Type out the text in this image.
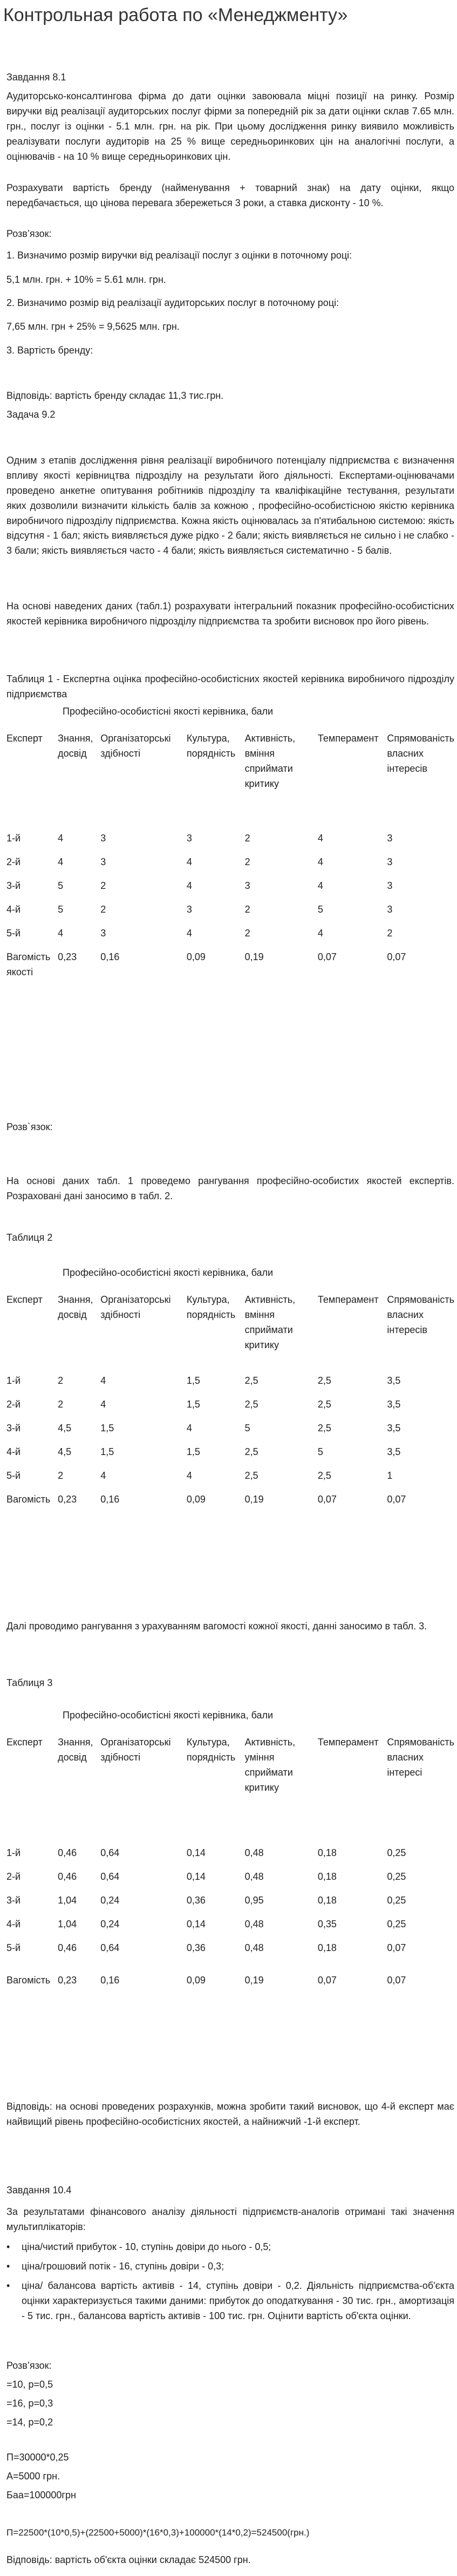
Контрольная работа по «Менеджменту»

Завдання 8.1

Аудиторсько-консалтингова фірма до дати оцінки завоювала міцні позиції на ринку. Розмір виручки від реалізації аудиторських послуг фірми за попередній рік за дати оцінки склав 7.65 млн. грн., послуг із оцінки - 5.1 млн. грн. на рік. При цьому дослідження ринку виявило можливість реалізувати послуги аудиторів на 25 % вище середньоринкових цін на аналогічні послуги, а оцінювачів - на 10 % вище середньоринкових цін.

Розрахувати вартість бренду (найменування + товарний знак) на дату оцінки, якщо передбачається, що цінова перевага збережеться 3 роки, а ставка дисконту - 10 %.

Розв’язок:

1. Визначимо розмір виручки від реалізації послуг з оцінки в поточному році:

5,1 млн. грн. + 10% = 5.61 млн. грн.

2. Визначимо розмір від реалізації аудиторських послуг в поточному році:

7,65 млн. грн + 25% = 9,5625 млн. грн.

3. Вартість бренду:

Відповідь: вартість бренду складає 11,3 тис.грн.

Задача 9.2

Одним з етапів дослідження рівня реалізації виробничого потенціалу підприємства є визначення впливу якості керівництва підрозділу на результати його діяльності. Експертами-оцінювачами проведено анкетне опитування робітників підрозділу та кваліфікаційне тестування, результати яких дозволили визначити кількість балів за кожною , професійно-особистісною якістю керівника виробничого підрозділу підприємства. Кожна якість оцінювалась за п'ятибальною системою: якість відсутня - 1 бал; якість виявляється дуже рідко - 2 бали; якість виявляється не сильно і не слабко - 3 бали; якість виявляється часто - 4 бали; якість виявляється систематично - 5 балів.

На основі наведених даних (табл.1) розрахувати інтегральний показник професійно-особистісних якостей керівника виробничого підрозділу підприємства та зробити висновок про його рівень.

Таблиця 1 - Експертна оцінка професійно-особистісних якостей керівника виробничого підрозділу підприємства

Професійно-особистісні якості керівника, бали
Експерт	Знання, досвід	Організаторські здібності	Культура, порядність	Активність, вміння сприймати критику	Темперамент	Спрямованість власних інтересів
1-й	4	3	3	2	4	3
2-й	4	3	4	2	4	3
3-й	5	2	4	3	4	3
4-й	5	2	3	2	5	3
5-й	4	3	4	2	4	2
Вагомість якості	0,23	0,16	0,09	0,19	0,07	0,07

Розв`язок:

На основі даних табл. 1 проведемо рангування професійно-особистих якостей експертів. Розраховані дані заносимо в табл. 2.

Таблиця 2

Професійно-особистісні якості керівника, бали
Експерт	Знання, досвід	Організаторські здібності	Культура, порядність	Активність, вміння сприймати критику	Темперамент	Спрямованість власних інтересів
1-й	2	4	1,5	2,5	2,5	3,5
2-й	2	4	1,5	2,5	2,5	3,5
3-й	4,5	1,5	4	5	2,5	3,5
4-й	4,5	1,5	1,5	2,5	5	3,5
5-й	2	4	4	2,5	2,5	1
Вагомість	0,23	0,16	0,09	0,19	0,07	0,07

Далі проводимо рангування з урахуванням вагомості кожної якості, данні заносимо в табл. 3.

Таблиця 3

Професійно-особистісні якості керівника, бали
Експерт	Знання, досвід	Організаторські здібності	Культура, порядність	Активність, уміння сприймати критику	Темперамент	Спрямованість власних інтересі
1-й	0,46	0,64	0,14	0,48	0,18	0,25
2-й	0,46	0,64	0,14	0,48	0,18	0,25
3-й	1,04	0,24	0,36	0,95	0,18	0,25
4-й	1,04	0,24	0,14	0,48	0,35	0,25
5-й	0,46	0,64	0,36	0,48	0,18	0,07
Вагомість	0,23	0,16	0,09	0,19	0,07	0,07

Відповідь: на основі проведених розрахунків, можна зробити такий висновок, що 4-й експерт має найвищий рівень професійно-особистісних якостей, а найнижчий -1-й експерт.

Завдання 10.4

За результатами фінансового аналізу діяльності підприємств-аналогів отримані такі значення мультиплікаторів:

•	ціна/чистий прибуток - 10, ступінь довіри до нього - 0,5;
•	ціна/грошовий потік - 16, ступінь довіри - 0,3;
•	ціна/ балансова вартість активів - 14, ступінь довіри - 0,2. Діяльність підприємства-об'єкта оцінки характеризується такими даними: прибуток до оподаткування - 30 тис. грн., амортизація - 5 тис. грн., балансова вартість активів - 100 тис. грн. Оцінити вартість об'єкта оцінки.

Розв’язок:

=10, p=0,5

=16, p=0,3

=14, p=0,2

П=30000*0,25

А=5000 грн.

Баа=100000грн

П=22500*(10*0,5)+(22500+5000)*(16*0,3)+100000*(14*0,2)=524500(грн.)

Відповідь: вартість об'єкта оцінки складає 524500 грн.
